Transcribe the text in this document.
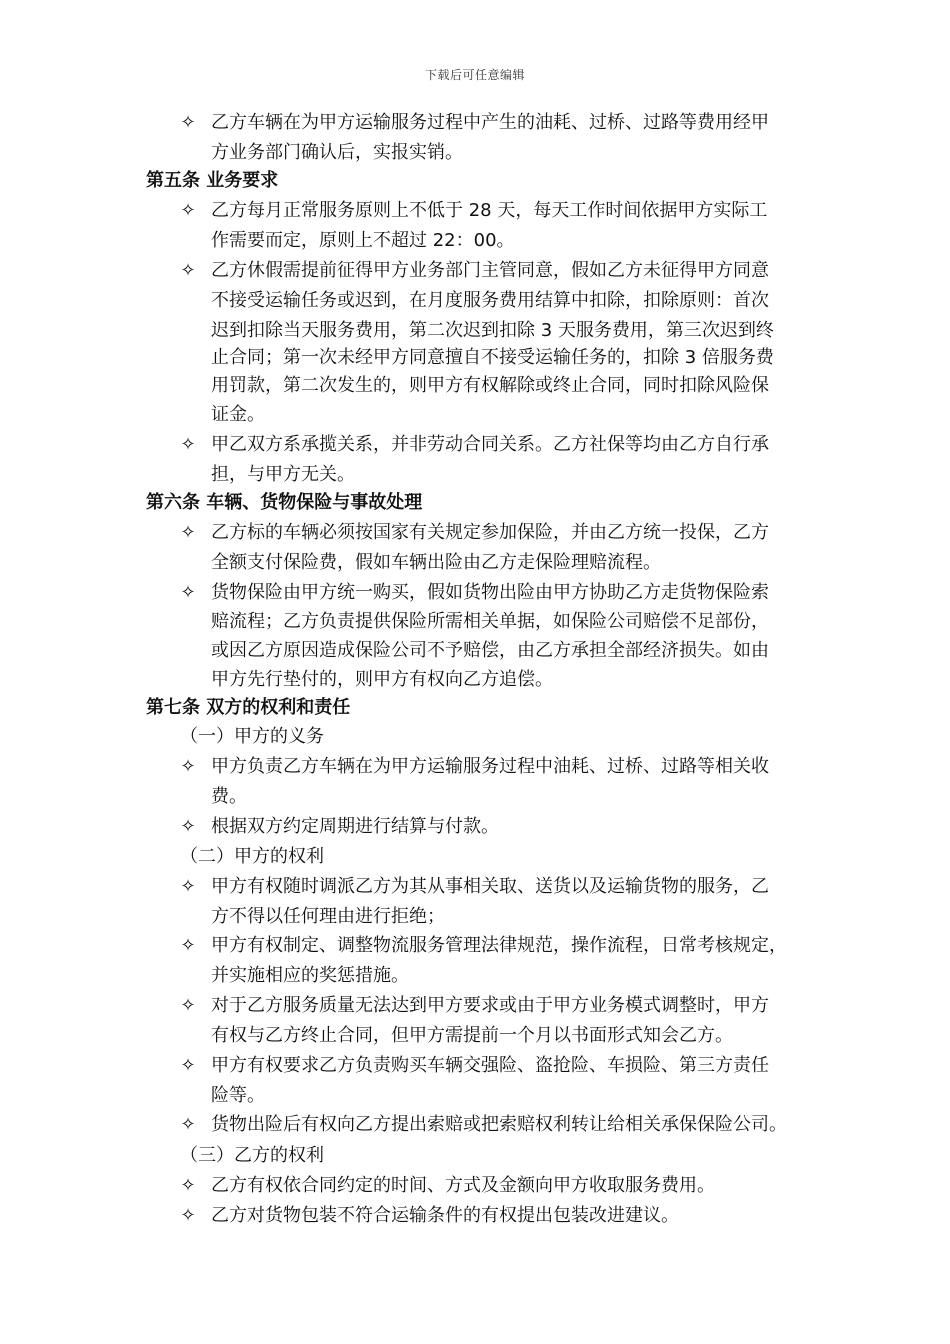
下载后可任意编辑
✧ 乙方车辆在为甲方运输服务过程中产生的油耗、过桥、过路等费用经甲
方业务部门确认后，实报实销。
第五条 业务要求
✧ 乙方每月正常服务原则上不低于 28 天，每天工作时间依据甲方实际工
作需要而定，原则上不超过 22：00。
✧ 乙方休假需提前征得甲方业务部门主管同意，假如乙方未征得甲方同意
不接受运输任务或迟到，在月度服务费用结算中扣除，扣除原则：首次
迟到扣除当天服务费用，第二次迟到扣除 3 天服务费用，第三次迟到终
止合同；第一次未经甲方同意擅自不接受运输任务的，扣除 3 倍服务费
用罚款，第二次发生的，则甲方有权解除或终止合同，同时扣除风险保
证金。
✧ 甲乙双方系承揽关系，并非劳动合同关系。乙方社保等均由乙方自行承
担，与甲方无关。
第六条 车辆、货物保险与事故处理
✧ 乙方标的车辆必须按国家有关规定参加保险，并由乙方统一投保，乙方
全额支付保险费，假如车辆出险由乙方走保险理赔流程。
✧ 货物保险由甲方统一购买，假如货物出险由甲方协助乙方走货物保险索
赔流程；乙方负责提供保险所需相关单据，如保险公司赔偿不足部份，
或因乙方原因造成保险公司不予赔偿，由乙方承担全部经济损失。如由
甲方先行垫付的，则甲方有权向乙方追偿。
第七条 双方的权利和责任
（一）甲方的义务
✧ 甲方负责乙方车辆在为甲方运输服务过程中油耗、过桥、过路等相关收
费。
✧ 根据双方约定周期进行结算与付款。
（二）甲方的权利
✧ 甲方有权随时调派乙方为其从事相关取、送货以及运输货物的服务，乙
方不得以任何理由进行拒绝；
✧ 甲方有权制定、调整物流服务管理法律规范，操作流程，日常考核规定，
并实施相应的奖惩措施。
✧ 对于乙方服务质量无法达到甲方要求或由于甲方业务模式调整时，甲方
有权与乙方终止合同，但甲方需提前一个月以书面形式知会乙方。
✧ 甲方有权要求乙方负责购买车辆交强险、盗抢险、车损险、第三方责任
险等。
✧ 货物出险后有权向乙方提出索赔或把索赔权利转让给相关承保保险公司。
（三）乙方的权利
✧ 乙方有权依合同约定的时间、方式及金额向甲方收取服务费用。
✧ 乙方对货物包装不符合运输条件的有权提出包装改进建议。
